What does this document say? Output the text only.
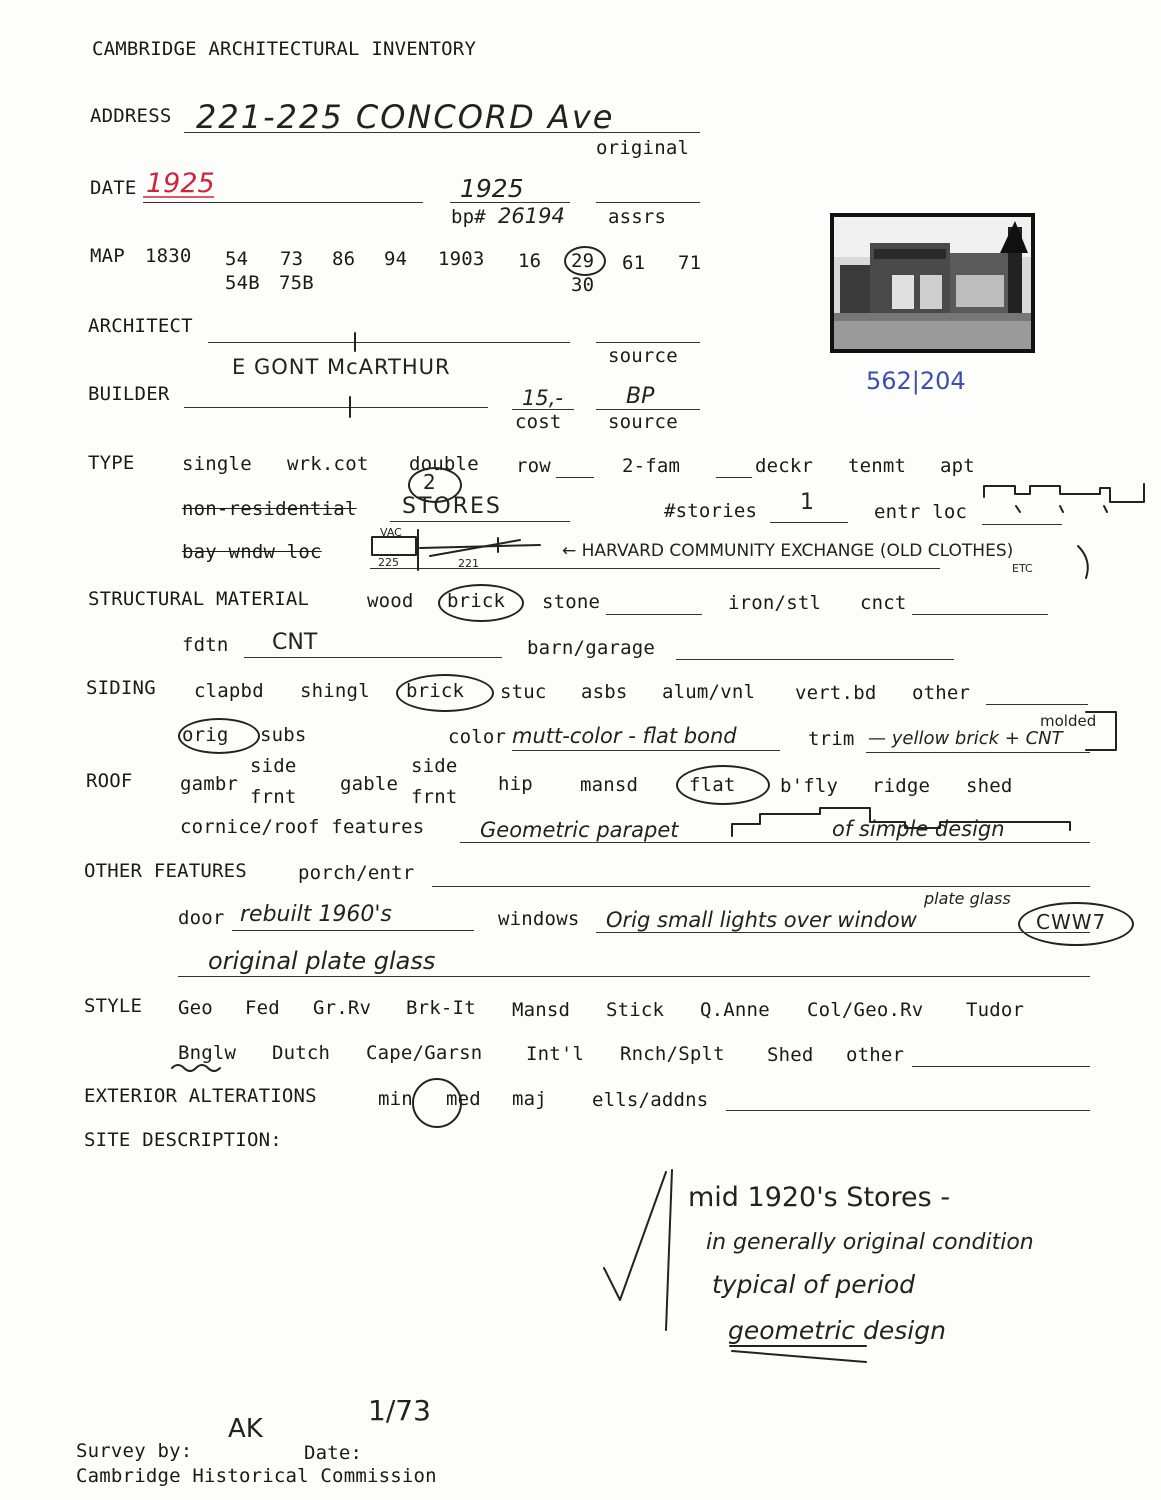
CAMBRIDGE ARCHITECTURAL INVENTORY
ADDRESS 221-225 CONCORD Ave
original
DATE 1925	1925
bp# 26194 assrs
MAP 1830 54 73 86 94 1903 16 29 61 71
54B 75B	30
562|204
ARCHITECT
source
E GONT McARTHUR
BUILDER	15,-
cost
BP
source
TYPE single wrk.cot double row	2-fam	deckr tenmt apt
non-residential STORES
2
#stories 1	entr loc
bay wndw loc
VAC
225	221
← HARVARD COMMUNITY EXCHANGE (OLD CLOTHES)
ETC
STRUCTURAL MATERIAL	wood brick stone	iron/stl cnct
fdtn CNT	barn/garage
SIDING clapbd shingl brick stuc asbs alum/vnl vert.bd other
orig subs	color mutt-color - flat bond	trim — yellow brick + CNT
molded
ROOF gambr
side
frnt
gable
side
frnt
hip mansd	flat b'fly ridge shed
cornice/roof features	Geometric parapet	of simple design
OTHER FEATURES	porch/entr
door rebuilt 1960's	windows Orig small lights over window
plate glass
CWW7
original plate glass
STYLE Geo Fed Gr.Rv Brk-It Mansd Stick Q.Anne Col/Geo.Rv Tudor
Bnglw Dutch Cape/Garsn Int'l Rnch/Splt Shed other
EXTERIOR ALTERATIONS	min med maj ells/addns
SITE DESCRIPTION:
mid 1920's Stores -
in generally original condition
typical of period
geometric design
AK
1/73
Survey by:	Date:
Cambridge Historical Commission
